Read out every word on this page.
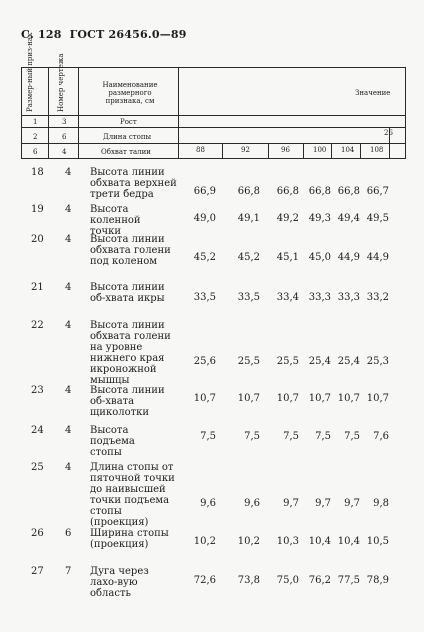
С. 128 ГОСТ 26456.0—89
Размер-ный приз-нак	Номер чертежа	Наименование размерного признака, см
Значение
1	3	Рост
2	6	Длина стопы	26
6	4	Обхват талии	88	92	96	100 104 108
18 4 Высота линии обхвата верхней трети бедра	66,9	66,8	66,8 66,8 66,8 66,7
19 4 Высота коленной точки
49,0	49,1	49,2 49,3 49,4 49,5
20 4 Высота линии обхвата голени под коленом	45,2	45,2	45,1 45,0 44,9 44,9
21 4 Высота линии об-хвата икры	33,5	33,5	33,4 33,3 33,3 33,2
22 4 Высота линии обхвата голени на уровне нижнего края икроножной мышцы
25,6	25,5	25,5 25,4 25,4 25,3
23 4 Высота линии об-хвата щиколотки
10,7	10,7	10,7 10,7 10,7 10,7
24 4 Высота подъема стопы
7,5	7,5	7,5	7,5	7,5	7,6
25 4 Длина стопы от пяточной точки до наивысшей точки подъема стопы (проекция)
9,6	9,6	9,7	9,7	9,7	9,8
26 6 Ширина стопы (проекция)	10,2	10,2	10,3 10,4 10,4 10,5
27 7 Дуга через лахо-вую область
72,6	73,8	75,0 76,2 77,5 78,9
